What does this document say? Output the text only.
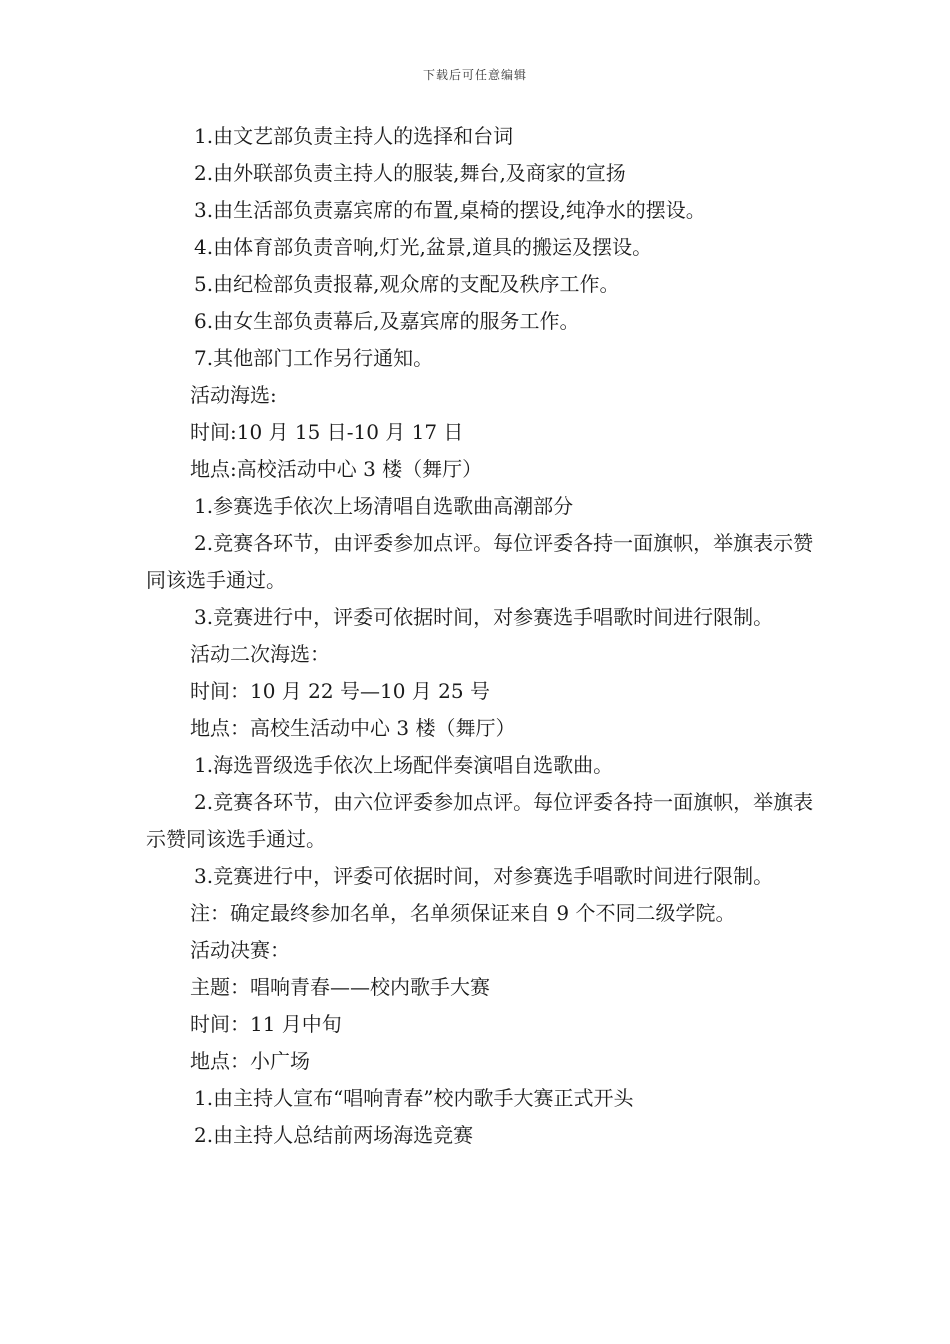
下载后可任意编辑
1.由文艺部负责主持人的选择和台词
2.由外联部负责主持人的服装,舞台,及商家的宣扬
3.由生活部负责嘉宾席的布置,桌椅的摆设,纯净水的摆设。
4.由体育部负责音响,灯光,盆景,道具的搬运及摆设。
5.由纪检部负责报幕,观众席的支配及秩序工作。
6.由女生部负责幕后,及嘉宾席的服务工作。
7.其他部门工作另行通知。
活动海选:
时间:10 月 15 日-10 月 17 日
地点:高校活动中心 3 楼（舞厅）
1.参赛选手依次上场清唱自选歌曲高潮部分
2.竞赛各环节，由评委参加点评。每位评委各持一面旗帜，举旗表示赞同该选手通过。
3.竞赛进行中，评委可依据时间，对参赛选手唱歌时间进行限制。
活动二次海选：
时间：10 月 22 号—10 月 25 号
地点：高校生活动中心 3 楼（舞厅）
1.海选晋级选手依次上场配伴奏演唱自选歌曲。
2.竞赛各环节，由六位评委参加点评。每位评委各持一面旗帜，举旗表示赞同该选手通过。
3.竞赛进行中，评委可依据时间，对参赛选手唱歌时间进行限制。
注：确定最终参加名单，名单须保证来自 9 个不同二级学院。
活动决赛：
主题：唱响青春——校内歌手大赛
时间：11 月中旬
地点：小广场
1.由主持人宣布“唱响青春”校内歌手大赛正式开头
2.由主持人总结前两场海选竞赛
